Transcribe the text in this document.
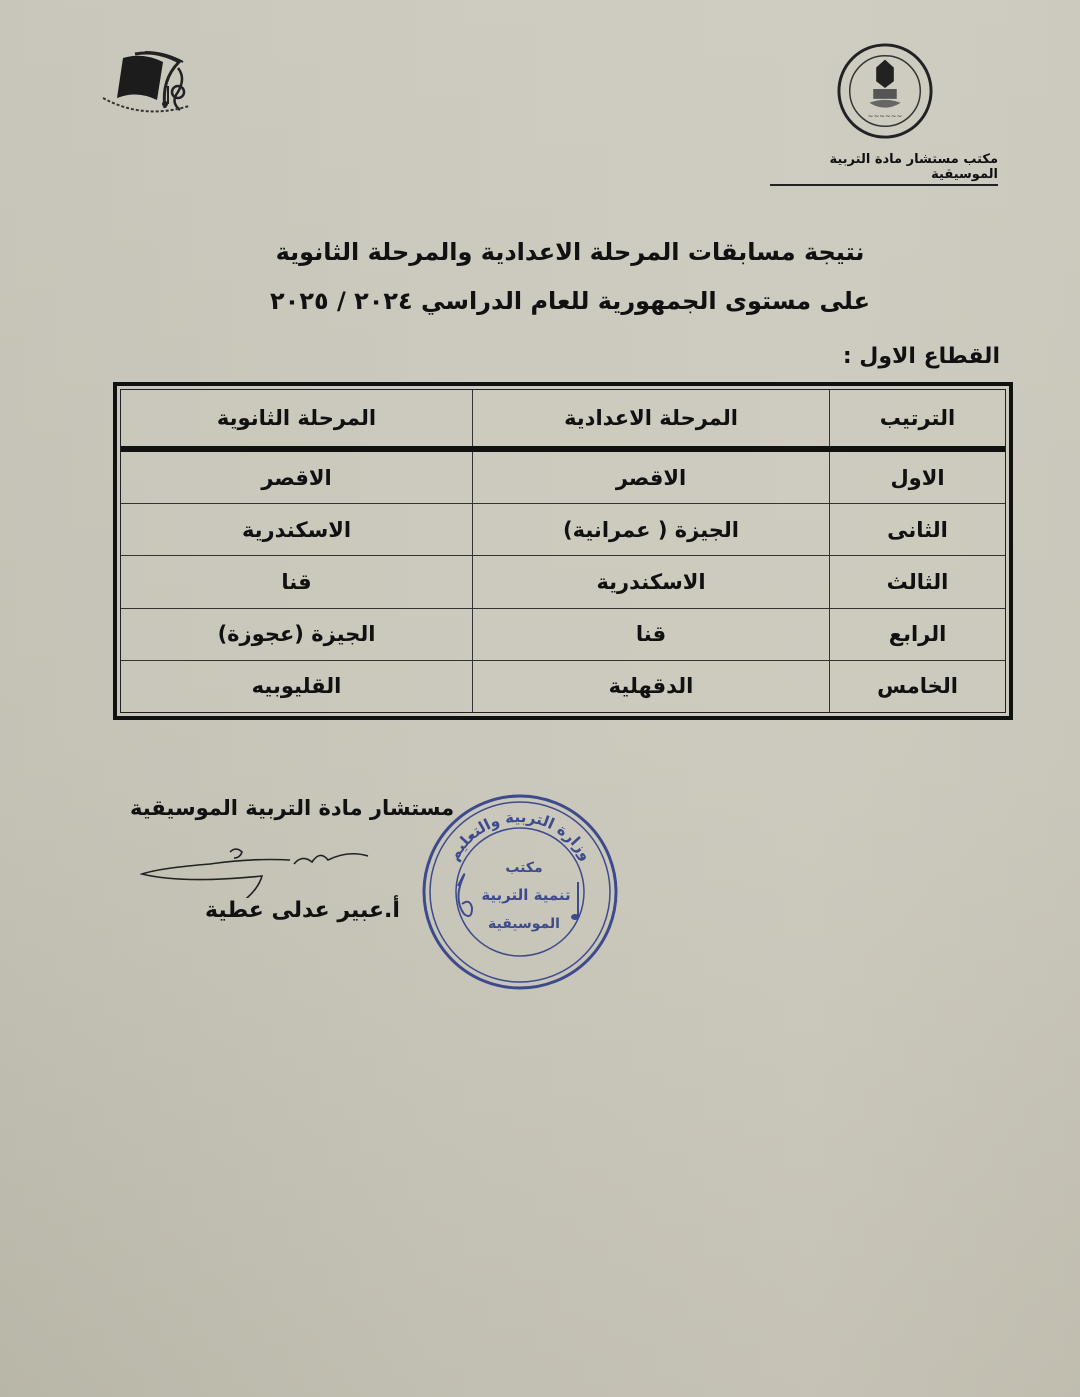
~~~~~~
مكتب مستشار مادة التربية الموسيقية
نتيجة مسابقات المرحلة الاعدادية والمرحلة الثانوية
على مستوى الجمهورية للعام الدراسي ٢٠٢٤ / ٢٠٢٥
القطاع الاول :
الترتيب
المرحلة الاعدادية
المرحلة الثانوية
الاول
الاقصر
الاقصر
الثانى
الجيزة ( عمرانية)
الاسكندرية
الثالث
الاسكندرية
قنا
الرابع
قنا
الجيزة (عجوزة)
الخامس
الدقهلية
القليوبيه
مستشار مادة التربية الموسيقية
أ.عبير عدلى عطية
وزارة التربية والتعليم
مكتب
تنمية التربية
الموسيقية
